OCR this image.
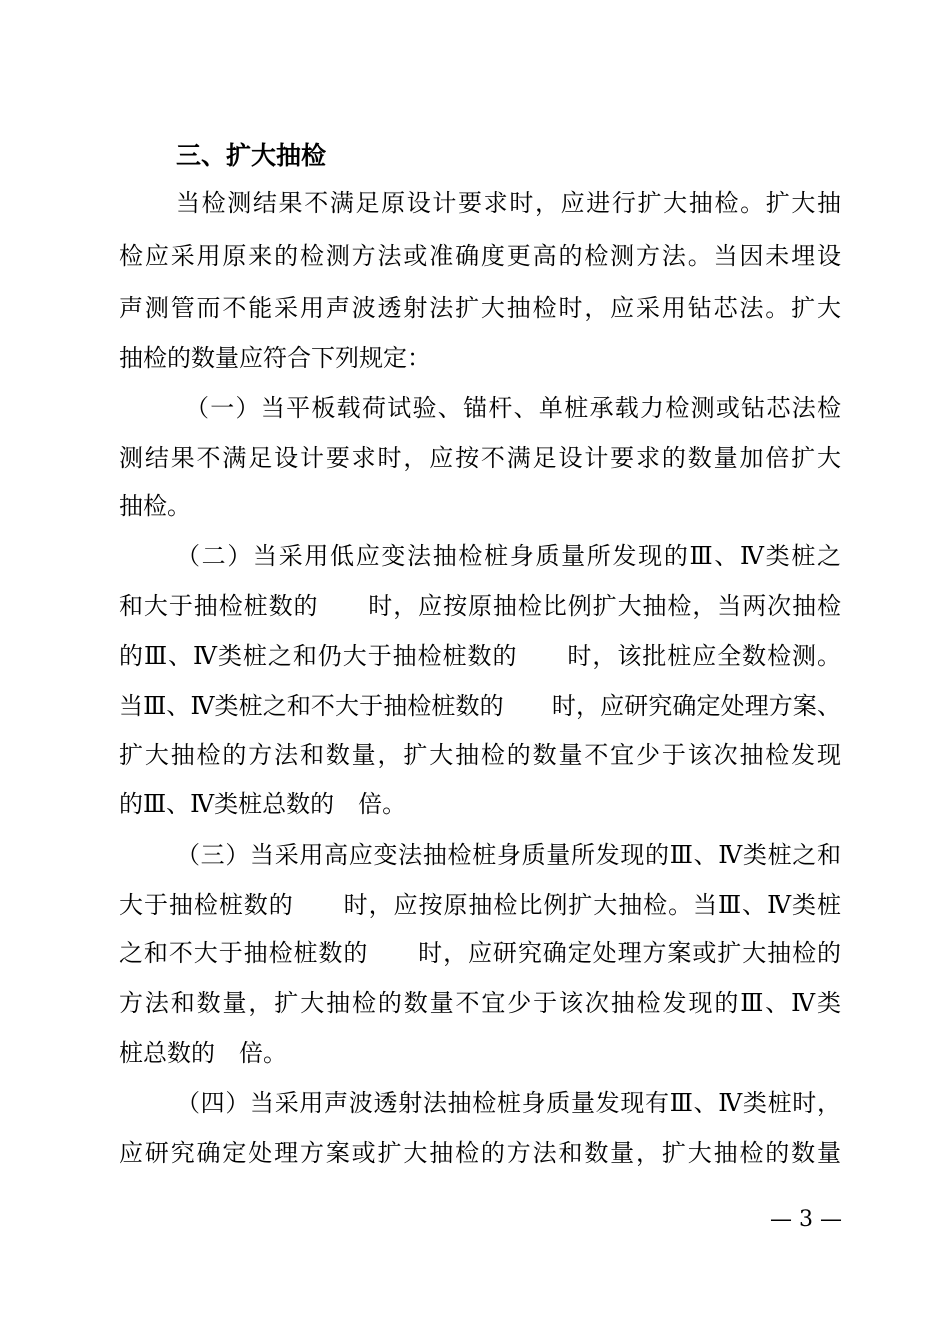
三、扩大抽检
当检测结果不满足原设计要求时，应进行扩大抽检。扩大抽
检应采用原来的检测方法或准确度更高的检测方法。当因未埋设
声测管而不能采用声波透射法扩大抽检时，应采用钻芯法。扩大
抽检的数量应符合下列规定：
（一）当平板载荷试验、锚杆、单桩承载力检测或钻芯法检
测结果不满足设计要求时，应按不满足设计要求的数量加倍扩大
抽检。
（二）当采用低应变法抽检桩身质量所发现的Ⅲ、Ⅳ类桩之
和大于抽检桩数的　　时，应按原抽检比例扩大抽检，当两次抽检
的Ⅲ、Ⅳ类桩之和仍大于抽检桩数的　　时，该批桩应全数检测。
当Ⅲ、Ⅳ类桩之和不大于抽检桩数的　　时，应研究确定处理方案、
扩大抽检的方法和数量，扩大抽检的数量不宜少于该次抽检发现
的Ⅲ、Ⅳ类桩总数的　倍。
（三）当采用高应变法抽检桩身质量所发现的Ⅲ、Ⅳ类桩之和
大于抽检桩数的　　时，应按原抽检比例扩大抽检。当Ⅲ、Ⅳ类桩
之和不大于抽检桩数的　　时，应研究确定处理方案或扩大抽检的
方法和数量，扩大抽检的数量不宜少于该次抽检发现的Ⅲ、Ⅳ类
桩总数的　倍。
（四）当采用声波透射法抽检桩身质量发现有Ⅲ、Ⅳ类桩时，
应研究确定处理方案或扩大抽检的方法和数量，扩大抽检的数量
— 3 —
